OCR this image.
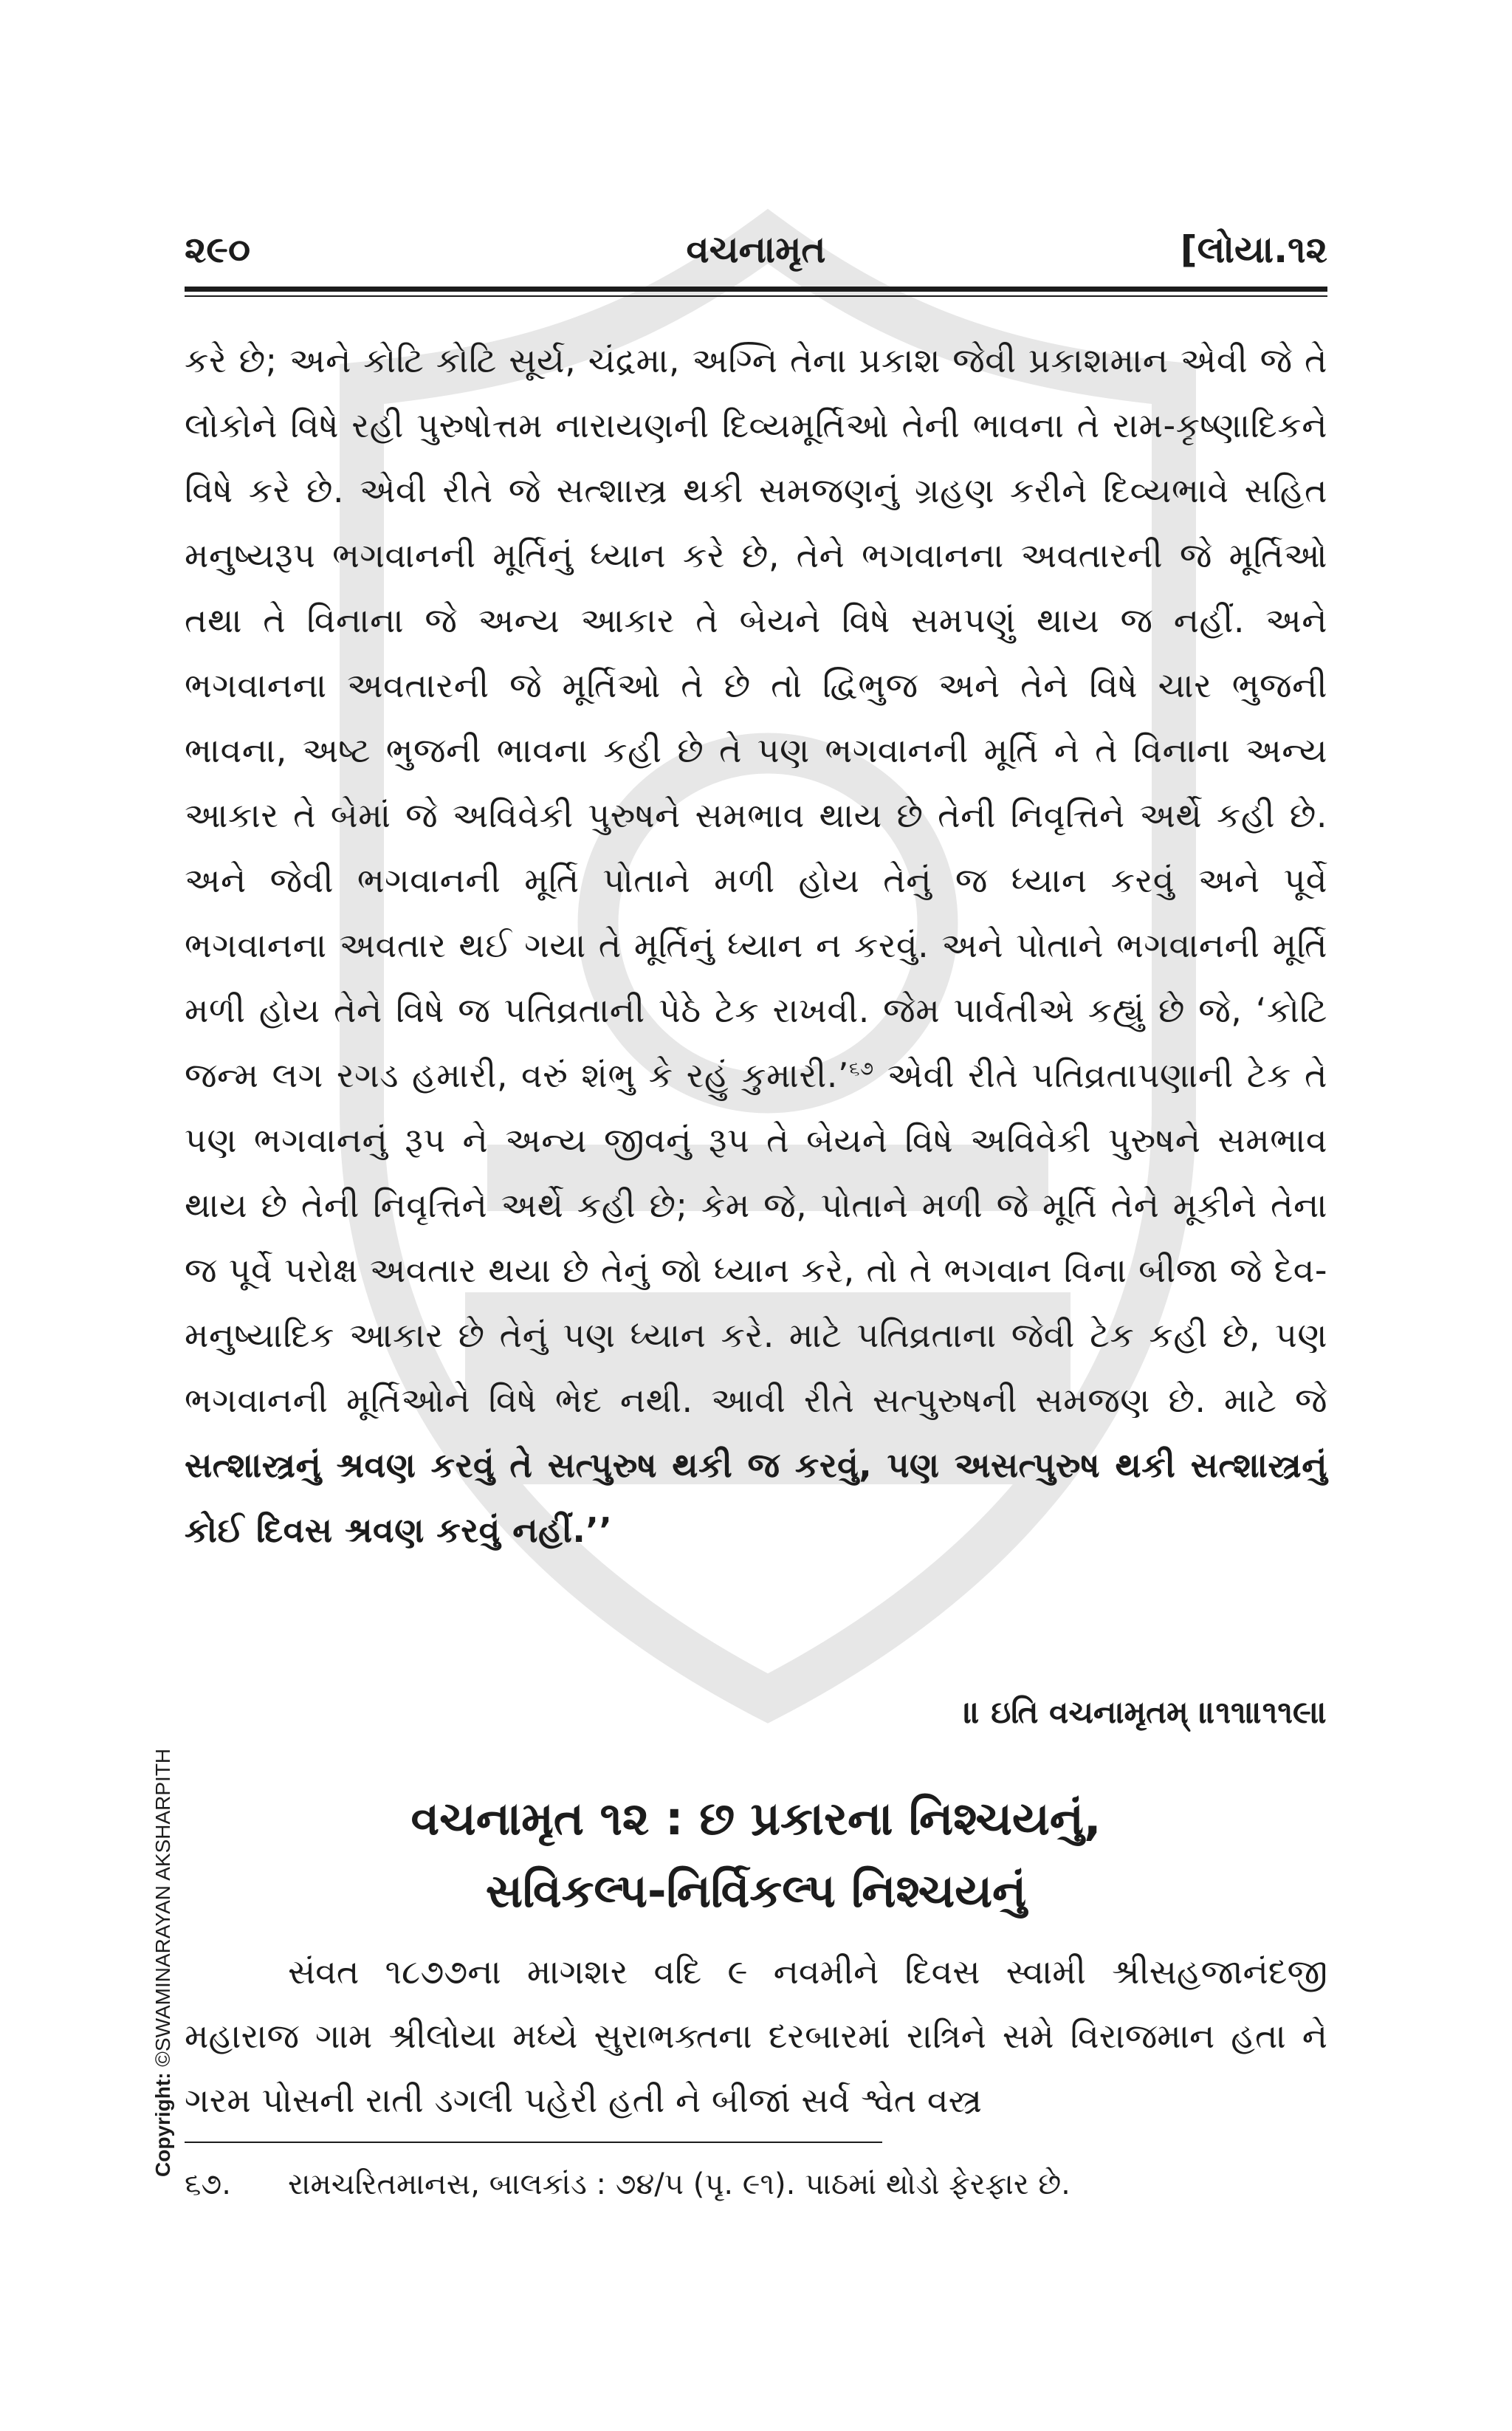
૨૯૦	વચનામૃત	[લોયા.૧૨
કરે છે; અને કોટિ કોટિ સૂર્ય, ચંદ્રમા, અગ્નિ તેના પ્રકાશ જેવી પ્રકાશમાન એવી જે તે લોકોને વિષે રહી પુરુષોત્તમ નારાયણની દિવ્યમૂર્તિઓ તેની ભાવના તે રામ-કૃષ્ણાદિકને વિષે કરે છે. એવી રીતે જે સત્શાસ્ત્ર થકી સમજણનું ગ્રહણ કરીને દિવ્યભાવે સહિત મનુષ્યરૂપ ભગવાનની મૂર્તિનું ધ્યાન કરે છે, તેને ભગવાનના અવતારની જે મૂર્તિઓ તથા તે વિનાના જે અન્ય આકાર તે બેયને વિષે સમપણું થાય જ નહીં. અને ભગવાનના અવતારની જે મૂર્તિઓ તે છે તો દ્વિભુજ અને તેને વિષે ચાર ભુજની ભાવના, અષ્ટ ભુજની ભાવના કહી છે તે પણ ભગવાનની મૂર્તિ ને તે વિનાના અન્ય આકાર તે બેમાં જે અવિવેકી પુરુષને સમભાવ થાય છે તેની નિવૃત્તિને અર્થે કહી છે. અને જેવી ભગવાનની મૂર્તિ પોતાને મળી હોય તેનું જ ધ્યાન કરવું અને પૂર્વે ભગવાનના અવતાર થઈ ગયા તે મૂર્તિનું ધ્યાન ન કરવું. અને પોતાને ભગવાનની મૂર્તિ મળી હોય તેને વિષે જ પતિવ્રતાની પેઠે ટેક રાખવી. જેમ પાર્વતીએ કહ્યું છે જે, ‘કોટિ જન્મ લગ રગડ હમારી, વરું શંભુ કે રહું કુમારી.’$^{૬૭}$ એવી રીતે પતિવ્રતાપણાની ટેક તે પણ ભગવાનનું રૂપ ને અન્ય જીવનું રૂપ તે બેયને વિષે અવિવેકી પુરુષને સમભાવ થાય છે તેની નિવૃત્તિને અર્થે કહી છે; કેમ જે, પોતાને મળી જે મૂર્તિ તેને મૂકીને તેના જ પૂર્વે પરોક્ષ અવતાર થયા છે તેનું જો ધ્યાન કરે, તો તે ભગવાન વિના બીજા જે દેવ-મનુષ્યાદિક આકાર છે તેનું પણ ધ્યાન કરે. માટે પતિવ્રતાના જેવી ટેક કહી છે, પણ ભગવાનની મૂર્તિઓને વિષે ભેદ નથી. આવી રીતે સત્પુરુષની સમજણ છે. માટે જે સત્શાસ્ત્રનું શ્રવણ કરવું તે સત્પુરુષ થકી જ કરવું, પણ અસત્પુરુષ થકી સત્શાસ્ત્રનું કોઈ દિવસ શ્રવણ કરવું નહીં.’’
॥ ઇતિ વચનામૃતમ્ ॥૧૧॥૧૧૯॥
વચનામૃત ૧૨ : છ પ્રકારના નિશ્ચયનું,
સવિકલ્પ-નિર્વિકલ્પ નિશ્ચયનું
સંવત ૧૮૭૭ના માગશર વદિ ૯ નવમીને દિવસ સ્વામી શ્રીસહજાનંદજી મહારાજ ગામ શ્રીલોયા મધ્યે સુરાભક્તના દરબારમાં રાત્રિને સમે વિરાજમાન હતા ને ગરમ પોસની રાતી ડગલી પહેરી હતી ને બીજાં સર્વ શ્વેત વસ્ત્ર
૬૭. રામચરિતમાનસ, બાલકાંડ : ૭૪/૫ (પૃ. ૯૧). પાઠમાં થોડો ફેરફાર છે.
Copyright: ©SWAMINARAYAN AKSHARPITH
